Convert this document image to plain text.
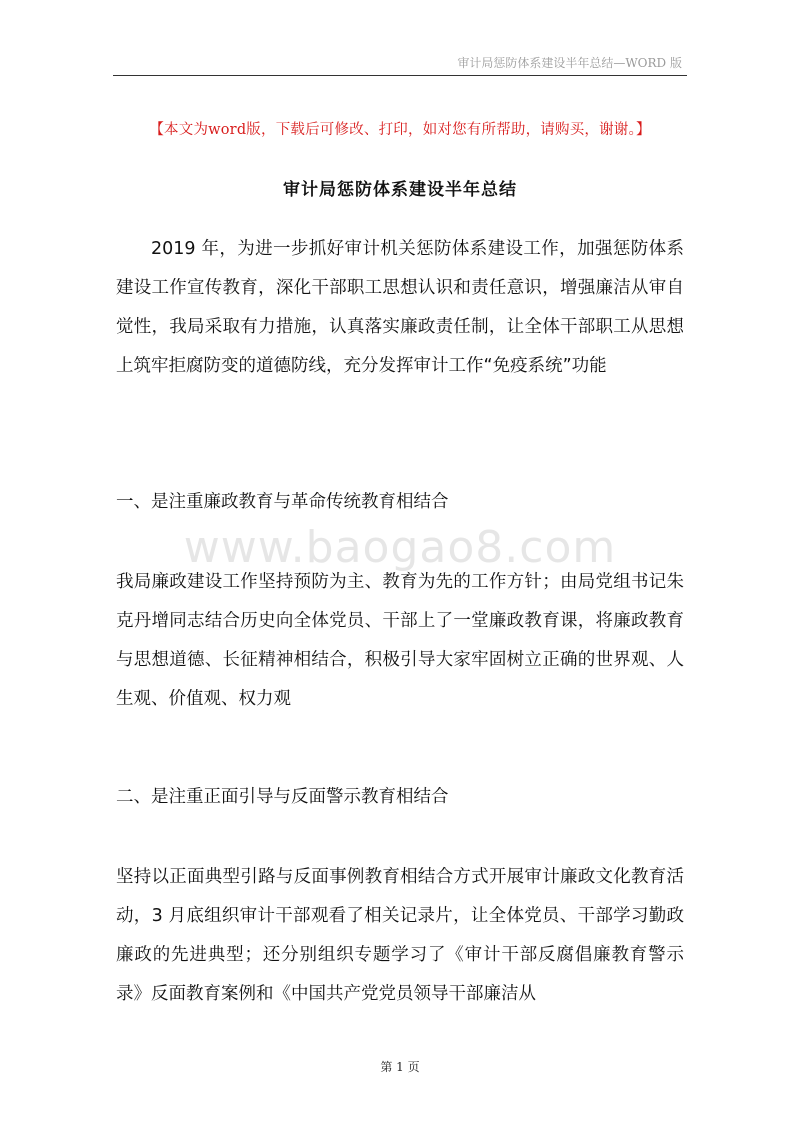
审计局惩防体系建设半年总结—WORD 版
【本文为word版，下载后可修改、打印，如对您有所帮助，请购买，谢谢。】
审计局惩防体系建设半年总结
2019 年，为进一步抓好审计机关惩防体系建设工作，加强惩防体系建设工作宣传教育，深化干部职工思想认识和责任意识，增强廉洁从审自觉性，我局采取有力措施，认真落实廉政责任制，让全体干部职工从思想上筑牢拒腐防变的道德防线，充分发挥审计工作“免疫系统”功能
一、是注重廉政教育与革命传统教育相结合
www.baogao8.com
我局廉政建设工作坚持预防为主、教育为先的工作方针；由局党组书记朱克丹增同志结合历史向全体党员、干部上了一堂廉政教育课，将廉政教育与思想道德、长征精神相结合，积极引导大家牢固树立正确的世界观、人生观、价值观、权力观
二、是注重正面引导与反面警示教育相结合
坚持以正面典型引路与反面事例教育相结合方式开展审计廉政文化教育活动，3 月底组织审计干部观看了相关记录片，让全体党员、干部学习勤政廉政的先进典型；还分别组织专题学习了《审计干部反腐倡廉教育警示录》反面教育案例和《中国共产党党员领导干部廉洁从
第 1 页
